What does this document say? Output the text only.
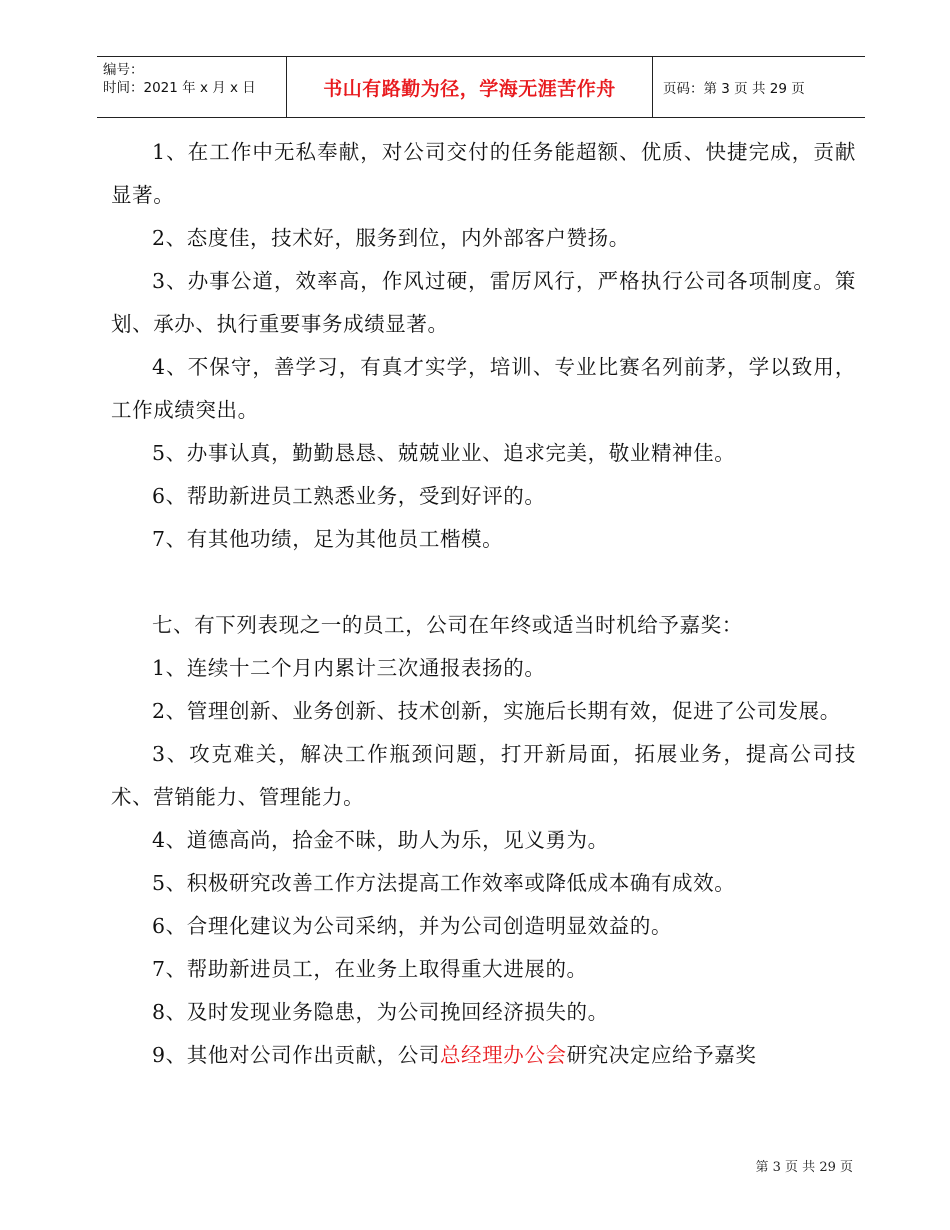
编号：
时间：2021 年 x 月 x 日	书山有路勤为径，学海无涯苦作舟	页码：第 3 页 共 29 页

1、在工作中无私奉献，对公司交付的任务能超额、优质、快捷完成，贡献显著。

2、态度佳，技术好，服务到位，内外部客户赞扬。

3、办事公道，效率高，作风过硬，雷厉风行，严格执行公司各项制度。策划、承办、执行重要事务成绩显著。

4、不保守，善学习，有真才实学，培训、专业比赛名列前茅，学以致用，工作成绩突出。

5、办事认真，勤勤恳恳、兢兢业业、追求完美，敬业精神佳。

6、帮助新进员工熟悉业务，受到好评的。

7、有其他功绩，足为其他员工楷模。

七、有下列表现之一的员工，公司在年终或适当时机给予嘉奖：

1、连续十二个月内累计三次通报表扬的。

2、管理创新、业务创新、技术创新，实施后长期有效，促进了公司发展。

3、攻克难关，解决工作瓶颈问题，打开新局面，拓展业务，提高公司技术、营销能力、管理能力。

4、道德高尚，拾金不昧，助人为乐，见义勇为。

5、积极研究改善工作方法提高工作效率或降低成本确有成效。

6、合理化建议为公司采纳，并为公司创造明显效益的。

7、帮助新进员工，在业务上取得重大进展的。

8、及时发现业务隐患，为公司挽回经济损失的。

9、其他对公司作出贡献，公司总经理办公会研究决定应给予嘉奖

第 3 页 共 29 页
